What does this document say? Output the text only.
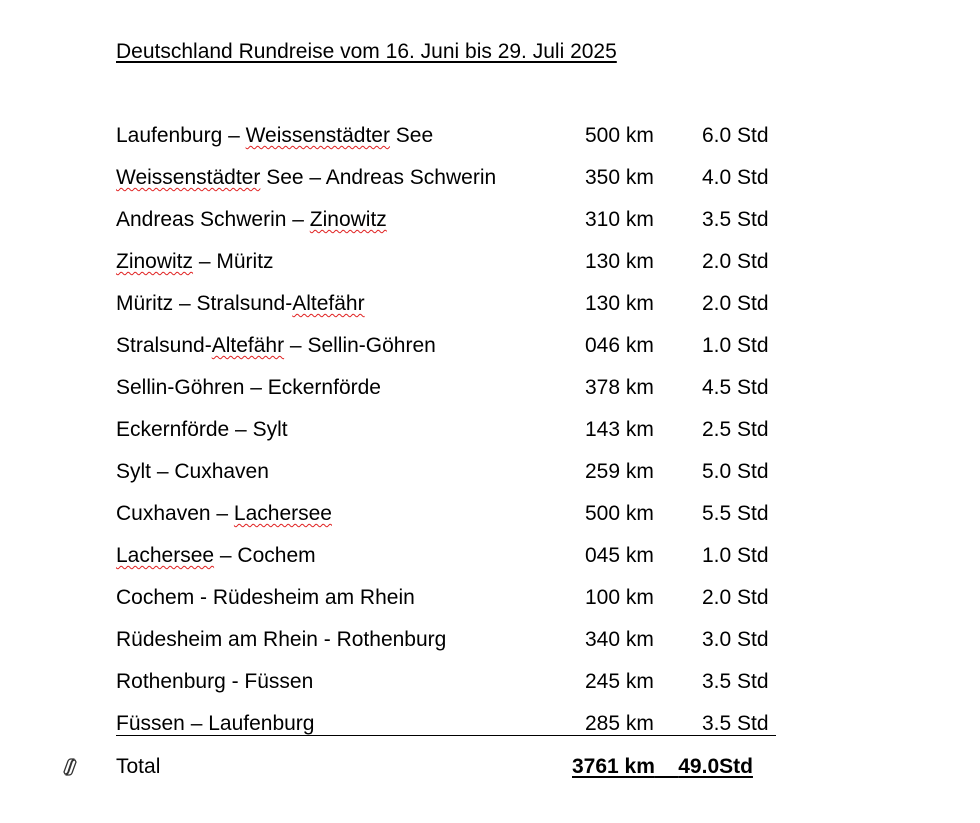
Deutschland Rundreise vom 16. Juni bis 29. Juli 2025
Laufenburg – Weissenstädter See	500 km 6.0 Std
Weissenstädter See – Andreas Schwerin	350 km 4.0 Std
Andreas Schwerin – Zinowitz	310 km 3.5 Std
Zinowitz – Müritz	130 km 2.0 Std
Müritz – Stralsund-Altefähr	130 km 2.0 Std
Stralsund-Altefähr – Sellin-Göhren	046 km 1.0 Std
Sellin-Göhren – Eckernförde	378 km 4.5 Std
Eckernförde – Sylt	143 km 2.5 Std
Sylt – Cuxhaven	259 km 5.0 Std
Cuxhaven – Lachersee	500 km 5.5 Std
Lachersee – Cochem	045 km 1.0 Std
Cochem - Rüdesheim am Rhein	100 km 2.0 Std
Rüdesheim am Rhein - Rothenburg	340 km 3.0 Std
Rothenburg - Füssen	245 km 3.5 Std
Füssen – Laufenburg	285 km 3.5 Std
Total	3761 km 49.0Std
